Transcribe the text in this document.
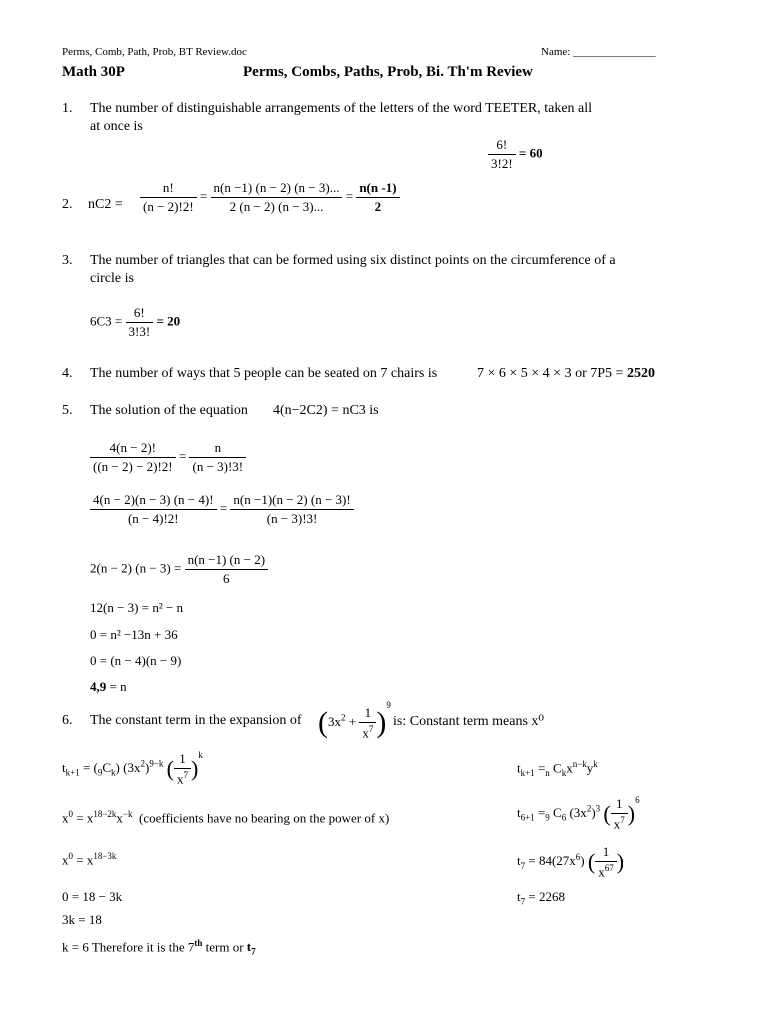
Perms, Comb, Path, Prob, BT Review.doc	Name: _______________
Math 30P	Perms, Combs, Paths, Prob, Bi. Th'm Review
1. The number of distinguishable arrangements of the letters of the word TEETER, taken all
at once is
$\frac{6!}{3!2!} = 60$
2. $nC2 = \frac{n!}{(n - 2)!2!} = \frac{n(n -1) (n - 2) (n - 3)...}{2 (n - 2) (n - 3)...} = \frac{n(n -1)}{2}$
3. The number of triangles that can be formed using six distinct points on the circumference of a
circle is
$6C3 = \frac{6!}{3!3!} = 20$
4. The number of ways that 5 people can be seated on 7 chairs is	7 × 6 × 5 × 4 × 3 or 7P5 = 2520
5. The solution of the equation 4(n−2C2) = nC3 is
$\frac{4(n - 2)!}{((n - 2) - 2)!2!} = \frac{n}{(n - 3)!3!}$
$\frac{4(n - 2)(n - 3) (n - 4)!}{(n - 4)!2!} = \frac{n(n -1)(n - 2) (n - 3)!}{(n - 3)!3!}$
2(n − 2) $(n - 3) = \frac{n(n -1) (n - 2)}{6}$
12(n − 3) = n² − n
0 = n² −13n + 36
0 = (n − 4)(n − 9)
4,9 = n
6. The constant term in the expansion of $(3x^2 + \frac{1}{x^7} )^9$
is: Constant term means x⁰
$t_{k+1} = (_9C_k)$ $(3x^2)^{9-k}$ ( $\frac{1}{x^7} )^k$
$x^0 = x^{18-2k}x^{-k}$ (coefficients have no bearing on the power of x)
$x^0 = x^{18-3k}$
0 = 18 − 3k
3k = 18
k = 6 Therefore it is the 7th term or $t_7$
$t_{k+1} =_n$ $C_kx^{n-k}y^k$
$t_{6+1} =_9$ $C_6$ $(3x^2)^3$ ( $\frac{1}{x^7} )^6$
$t_7 = 84(27x^6)$ ( $\frac{1}{x^{67}}$ )
$t_7 = 2268$
